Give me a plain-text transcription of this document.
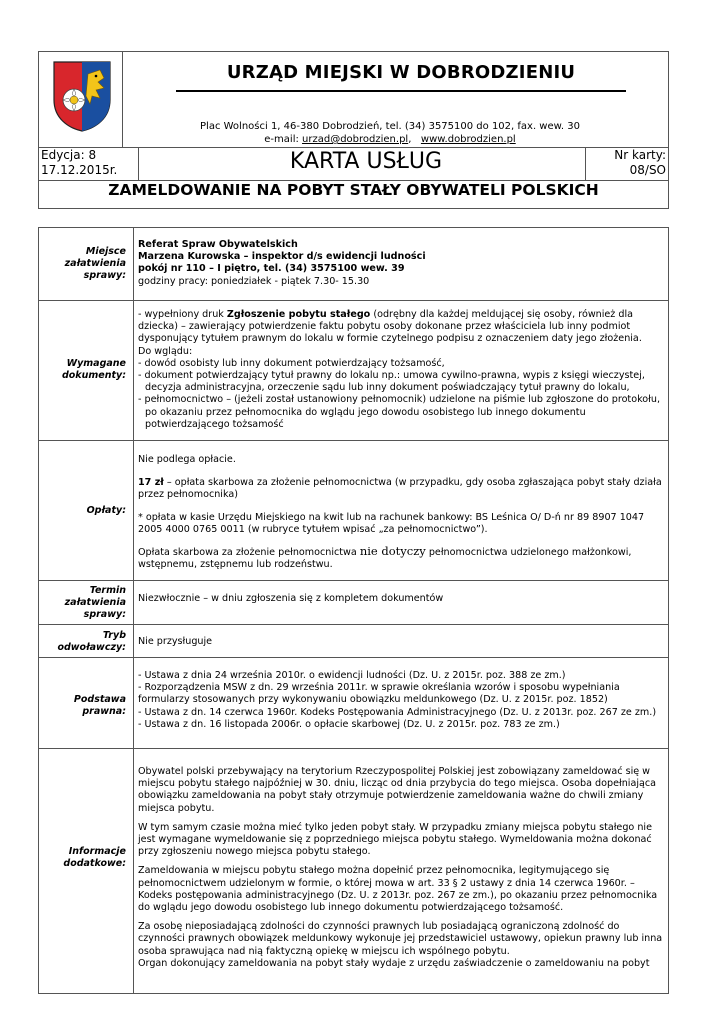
URZĄD MIEJSKI W DOBRODZIENIU
Plac Wolności 1, 46-380 Dobrodzień, tel. (34) 3575100 do 102, fax. wew. 30
e-mail: urzad@dobrodzien.pl,   www.dobrodzien.pl
Edycja: 8
17.12.2015r.	KARTA USŁUG	Nr karty:
08/SO
ZAMELDOWANIE NA POBYT STAŁY OBYWATELI POLSKICH
Miejsce
załatwienia
sprawy:

Referat Spraw Obywatelskich

Marzena Kurowska – inspektor d/s ewidencji ludności

pokój nr 110 – I piętro, tel. (34) 3575100 wew. 39

godziny pracy: poniedziałek - piątek 7.30- 15.30

Wymagane
dokumenty:

- wypełniony druk Zgłoszenie pobytu stałego (odrębny dla każdej meldującej się osoby, również dla dziecka) – zawierający potwierdzenie faktu pobytu osoby dokonane przez właściciela lub inny podmiot dysponujący tytułem prawnym do lokalu w formie czytelnego podpisu z oznaczeniem daty jego złożenia.

Do wglądu:

- dowód osobisty lub inny dokument potwierdzający tożsamość,

- dokument potwierdzający tytuł prawny do lokalu np.: umowa cywilno-prawna, wypis z księgi wieczystej,

decyzja administracyjna, orzeczenie sądu lub inny dokument poświadczający tytuł prawny do lokalu,

- pełnomocnictwo – (jeżeli został ustanowiony pełnomocnik) udzielone na piśmie lub zgłoszone do protokołu, po okazaniu przez pełnomocnika do wglądu jego dowodu osobistego lub innego dokumentu potwierdzającego tożsamość

Opłaty:

Nie podlega opłacie.

17 zł – opłata skarbowa za złożenie pełnomocnictwa (w przypadku, gdy osoba zgłaszająca pobyt stały działa przez pełnomocnika)

* opłata w kasie Urzędu Miejskiego na kwit lub na rachunek bankowy: BS Leśnica O/ D-ń nr 89 8907 1047 2005 4000 0765 0011 (w rubryce tytułem wpisać „za pełnomocnictwo”).

Opłata skarbowa za złożenie pełnomocnictwa nie dotyczy pełnomocnictwa udzielonego małżonkowi, wstępnemu, zstępnemu lub rodzeństwu.

Termin
załatwienia
sprawy:

Niezwłocznie – w dniu zgłoszenia się z kompletem dokumentów

Tryb
odwoławczy:

Nie przysługuje

Podstawa
prawna:

- Ustawa z dnia 24 września 2010r. o ewidencji ludności (Dz. U. z 2015r. poz. 388 ze zm.)

- Rozporządzenia MSW z dn. 29 września 2011r. w sprawie określania wzorów i sposobu wypełniania formularzy stosowanych przy wykonywaniu obowiązku meldunkowego (Dz. U. z 2015r. poz. 1852)

- Ustawa z dn. 14 czerwca 1960r. Kodeks Postępowania Administracyjnego (Dz. U. z 2013r. poz. 267 ze zm.)

- Ustawa z dn. 16 listopada 2006r. o opłacie skarbowej (Dz. U. z 2015r. poz. 783 ze zm.)

Informacje
dodatkowe:

Obywatel polski przebywający na terytorium Rzeczypospolitej Polskiej jest zobowiązany zameldować się w miejscu pobytu stałego najpóźniej w 30. dniu, licząc od dnia przybycia do tego miejsca. Osoba dopełniająca obowiązku zameldowania na pobyt stały otrzymuje potwierdzenie zameldowania ważne do chwili zmiany miejsca pobytu.

W tym samym czasie można mieć tylko jeden pobyt stały. W przypadku zmiany miejsca pobytu stałego nie jest wymagane wymeldowanie się z poprzedniego miejsca pobytu stałego. Wymeldowania można dokonać przy zgłoszeniu nowego miejsca pobytu stałego.

Zameldowania w miejscu pobytu stałego można dopełnić przez pełnomocnika, legitymującego się pełnomocnictwem udzielonym w formie, o której mowa w art. 33 § 2 ustawy z dnia 14 czerwca 1960r. – Kodeks postępowania administracyjnego (Dz. U. z 2013r. poz. 267 ze zm.), po okazaniu przez pełnomocnika do wglądu jego dowodu osobistego lub innego dokumentu potwierdzającego tożsamość.

Za osobę nieposiadającą zdolności do czynności prawnych lub posiadającą ograniczoną zdolność do czynności prawnych obowiązek meldunkowy wykonuje jej przedstawiciel ustawowy, opiekun prawny lub inna osoba sprawująca nad nią faktyczną opiekę w miejscu ich wspólnego pobytu.

Organ dokonujący zameldowania na pobyt stały wydaje z urzędu zaświadczenie o zameldowaniu na pobyt
